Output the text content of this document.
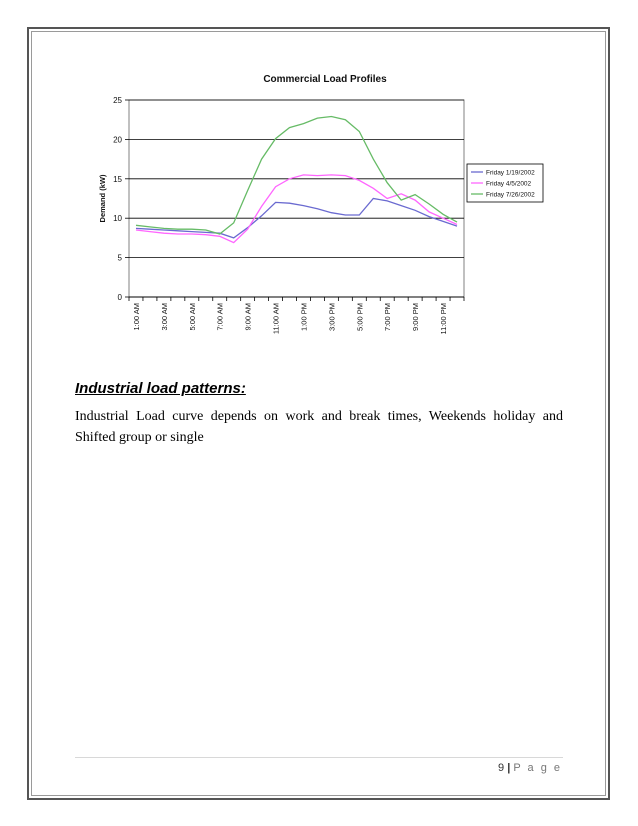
Commercial Load Profiles
0
5
10
15
20
25
1:00 AM	3:00 AM	5:00 AM	7:00 AM	9:00 AM	11:00 AM	1:00 PM	3:00 PM	5:00 PM	7:00 PM	9:00 PM	11:00 PM
Demand (kW)
Friday 1/19/2002
Friday 4/5/2002
Friday 7/26/2002
Industrial load patterns:
Industrial Load curve depends on work and break times, Weekends holiday and Shifted group or single
9 | P a g e
